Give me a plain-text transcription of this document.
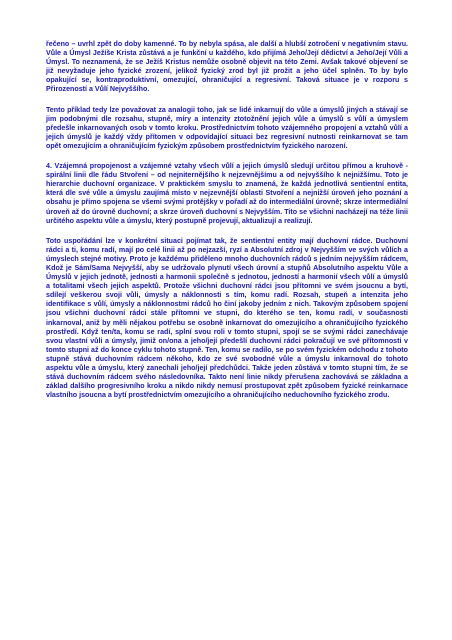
řečeno – uvrhl zpět do doby kamenné. To by nebyla spása, ale další a hlubší zotročení v negativním stavu. Vůle a Úmysl Ježíše Krista zůstává a je funkční u každého, kdo přijímá Jeho/Její dědictví a Jeho/Její Vůli a Úmysl. To neznamená, že se Ježíš Kristus nemůže osobně objevit na této Zemi. Avšak takové objevení se již nevyžaduje jeho fyzické zrození, jelikož fyzický zrod byl již prožit a jeho účel splněn. To by bylo opakující se, kontraproduktivní, omezující, ohraničující a regresivní. Taková situace je v rozporu s Přirozeností a Vůlí Nejvyššího.

Tento příklad tedy lze považovat za analogii toho, jak se lidé inkarnují do vůle a úmyslů jiných a stávají se jim podobnými dle rozsahu, stupně, míry a intenzity ztotožnění jejich vůle a úmyslů s vůlí a úmyslem předešle inkarnovaných osob v tomto kroku. Prostřednictvím tohoto vzájemného propojení a vztahů vůlí a jejich úmyslů je každý vždy přítomen v odpovídající situaci bez regresivní nutnosti reinkarnovat se tam opět omezujícím a ohraničujícím fyzickým způsobem prostřednictvím fyzického narození.

4. Vzájemná propojenost a vzájemné vztahy všech vůlí a jejich úmyslů sledují určitou přímou a kruhově - spirální linii dle řádu Stvoření – od nejniternějšího k nejzevnějšímu a od nejvyššího k nejnižšímu. Toto je hierarchie duchovní organizace. V praktickém smyslu to znamená, že každá jednotlivá sentientní entita, která dle své vůle a úmyslu zaujímá místo v nejzevnější oblasti Stvoření a nejnižší úroveň jeho poznání a obsahu je přímo spojena se všemi svými protějšky v pořadí až do intermediální úrovně; skrze intermediální úroveň až do úrovně duchovní; a skrze úroveň duchovní s Nejvyšším. Tito se všichni nacházejí na téže linii určitého aspektu vůle a úmyslu, který postupně projevují, aktualizují a realizují.

Toto uspořádání lze v konkrétní situaci pojímat tak, že sentientní entity mají duchovní rádce. Duchovní rádci a ti, komu radí, mají po celé linii až po nejzazší, ryzí a Absolutní zdroj v Nejvyšším ve svých vůlích a úmyslech stejné motivy. Proto je každému přiděleno mnoho duchovních rádců s jedním nejvyšším rádcem, Kdož je Sám/Sama Nejvyšší, aby se udržovalo plynutí všech úrovní a stupňů Absolutního aspektu Vůle a Úmyslů v jejich jednotě, jednosti a harmonii společně s jednotou, jedností a harmonií všech vůlí a úmyslů a totalitami všech jejich aspektů. Protože všichni duchovní rádci jsou přítomni ve svém jsoucnu a bytí, sdílejí veškerou svoji vůli, úmysly a náklonnosti s tím, komu radí. Rozsah, stupeň a intenzita jeho identifikace s vůlí, úmysly a náklonnostmi rádců ho činí jakoby jedním z nich. Takovým způsobem spojení jsou všichni duchovní rádci stále přítomni ve stupni, do kterého se ten, komu radí, v současnosti inkarnoval, aniž by měli nějakou potřebu se osobně inkarnovat do omezujícího a ohraničujícího fyzického prostředí. Když ten/ta, komu se radí, splní svou roli v tomto stupni, spojí se se svými rádci zanechávaje svou vlastní vůli a úmysly, jimiž on/ona a jeho/její předešlí duchovní rádci pokračují ve své přítomnosti v tomto stupni až do konce cyklu tohoto stupně. Ten, komu se radilo, se po svém fyzickém odchodu z tohoto stupně stává duchovním rádcem někoho, kdo ze své svobodné vůle a úmyslu inkarnoval do tohoto aspektu vůle a úmyslu, který zanechali jeho/její předchůdci. Takže jeden zůstává v tomto stupni tím, že se stává duchovním rádcem svého následovníka. Takto není linie nikdy přerušena zachovává se základna a základ dalšího progresivního kroku a nikdo nikdy nemusí prostupovat zpět způsobem fyzické reinkarnace vlastního jsoucna a bytí prostřednictvím omezujícího a ohraničujícího neduchovního fyzického zrodu.
